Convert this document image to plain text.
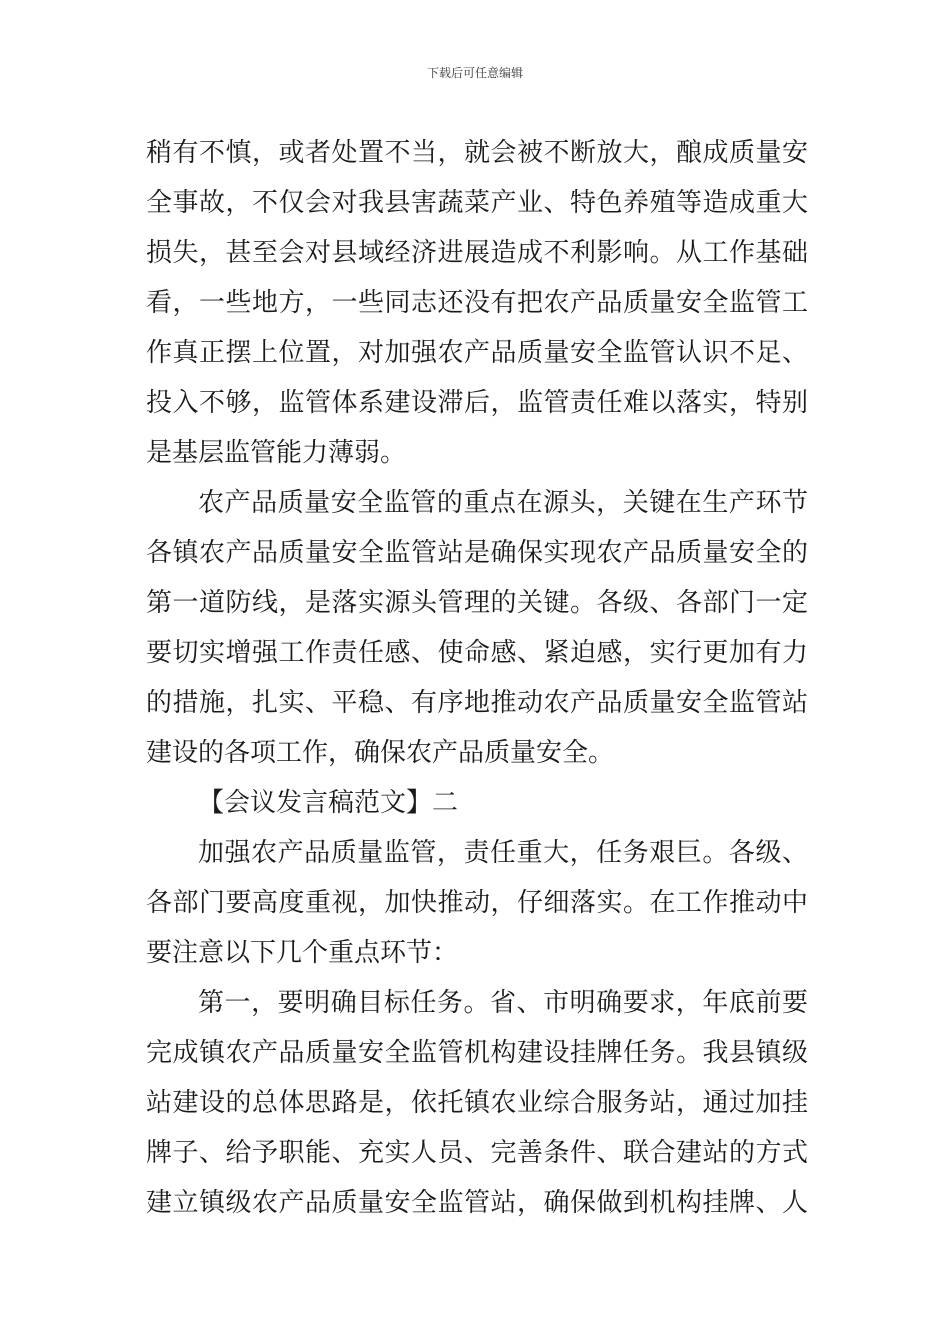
下载后可任意编辑
稍有不慎，或者处置不当，就会被不断放大，酿成质量安
全事故，不仅会对我县害蔬菜产业、特色养殖等造成重大
损失，甚至会对县域经济进展造成不利影响。从工作基础
看，一些地方，一些同志还没有把农产品质量安全监管工
作真正摆上位置，对加强农产品质量安全监管认识不足、
投入不够，监管体系建设滞后，监管责任难以落实，特别
是基层监管能力薄弱。
农产品质量安全监管的重点在源头，关键在生产环节
各镇农产品质量安全监管站是确保实现农产品质量安全的
第一道防线，是落实源头管理的关键。各级、各部门一定
要切实增强工作责任感、使命感、紧迫感，实行更加有力
的措施，扎实、平稳、有序地推动农产品质量安全监管站
建设的各项工作，确保农产品质量安全。
【会议发言稿范文】二
加强农产品质量监管，责任重大，任务艰巨。各级、
各部门要高度重视，加快推动，仔细落实。在工作推动中
要注意以下几个重点环节：
第一，要明确目标任务。省、市明确要求，年底前要
完成镇农产品质量安全监管机构建设挂牌任务。我县镇级
站建设的总体思路是，依托镇农业综合服务站，通过加挂
牌子、给予职能、充实人员、完善条件、联合建站的方式
建立镇级农产品质量安全监管站，确保做到机构挂牌、人
